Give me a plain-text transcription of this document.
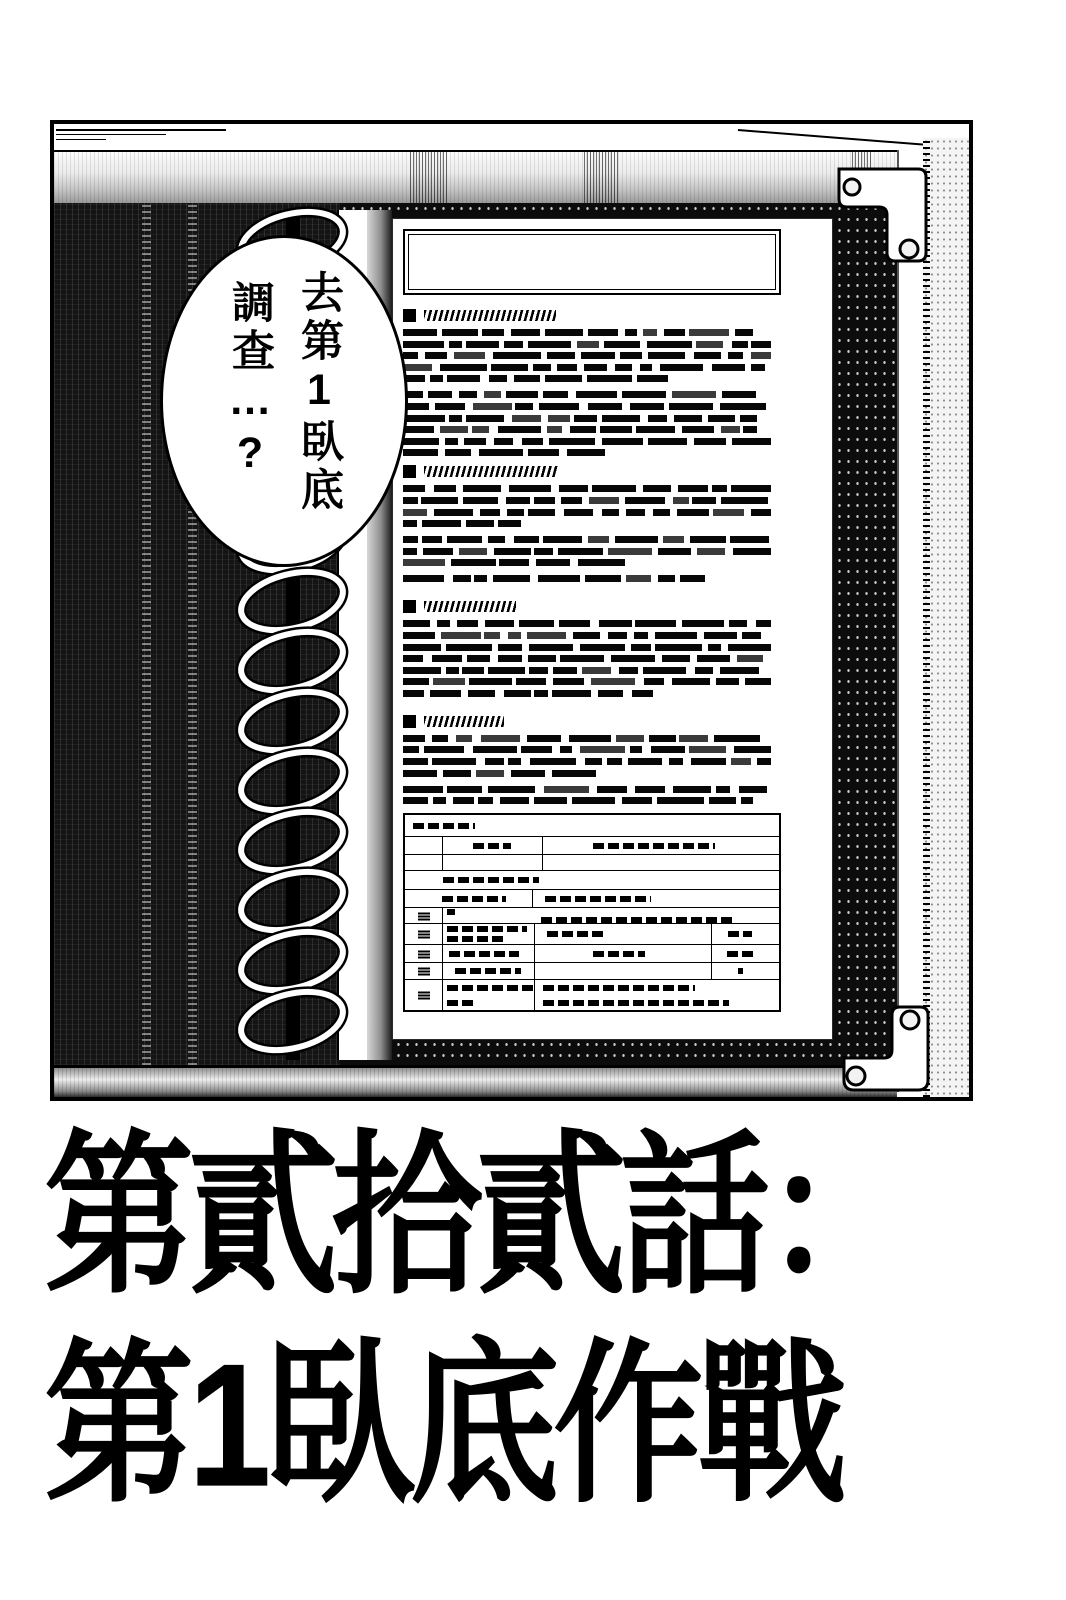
去第1臥底
調查…?
第貳拾貳話：
第1臥底作戰
